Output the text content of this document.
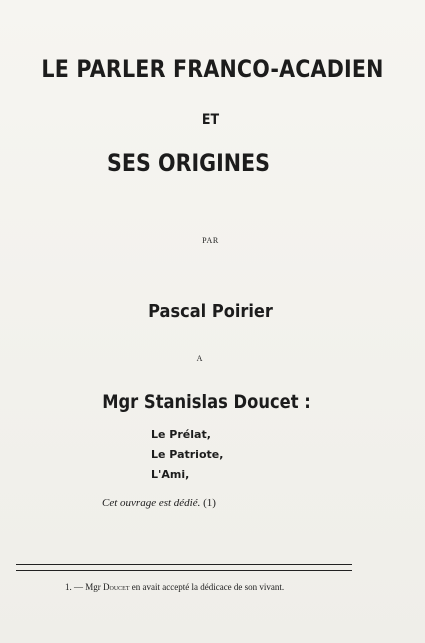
LE PARLER FRANCO-ACADIEN
ET
SES ORIGINES
PAR
Pascal Poirier
A
Mgr Stanislas Doucet :
Le Prélat,
Le Patriote,
L'Ami,
Cet ouvrage est dédié. (1)
1. — Mgr Doucet en avait accepté la dédicace de son vivant.
